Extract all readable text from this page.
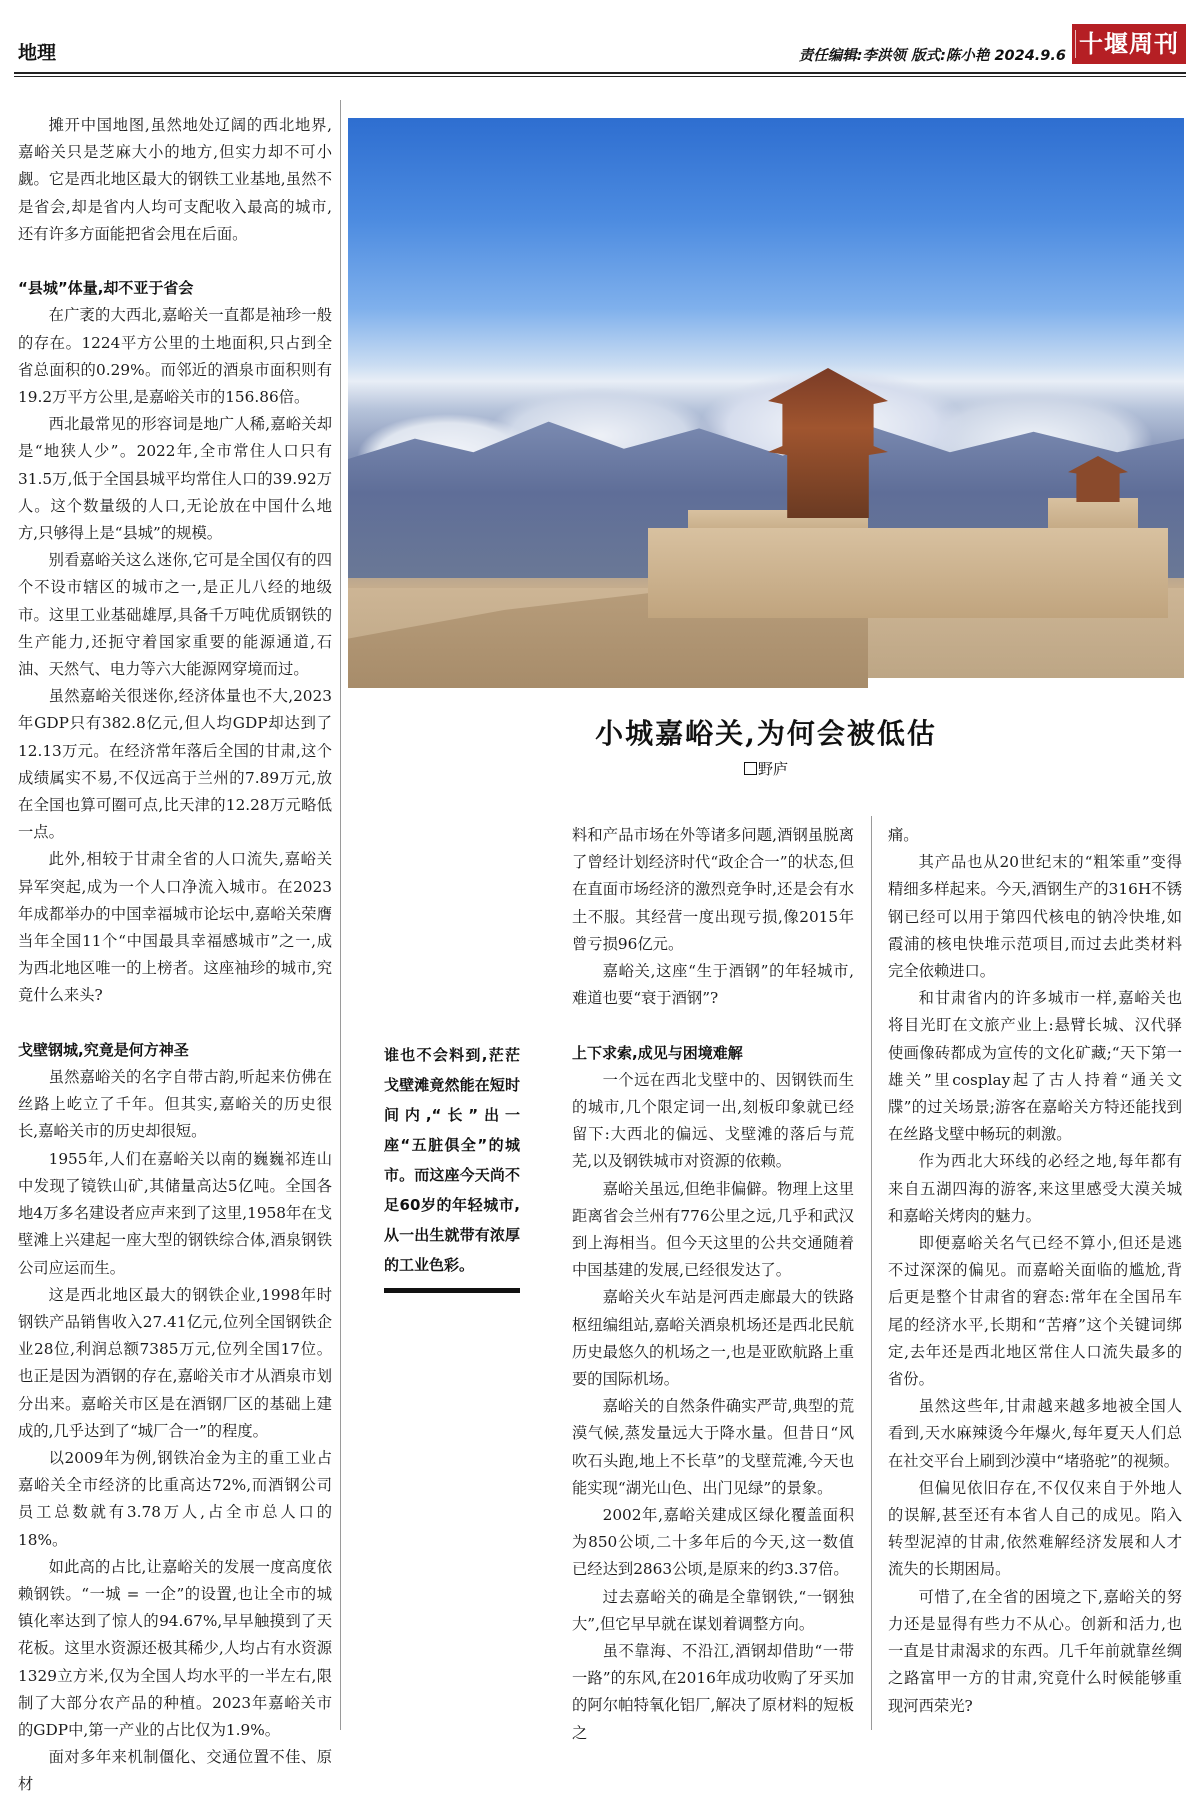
地理	责任编辑:李洪领 版式:陈小艳 2024.9.6 十堰周刊
小城嘉峪关,为何会被低估
野庐
谁也不会料到,茫茫戈壁滩竟然能在短时间内,“长”出一座“五脏俱全”的城市。而这座今天尚不足60岁的年轻城市,从一出生就带有浓厚的工业色彩。

摊开中国地图,虽然地处辽阔的西北地界,嘉峪关只是芝麻大小的地方,但实力却不可小觑。它是西北地区最大的钢铁工业基地,虽然不是省会,却是省内人均可支配收入最高的城市,还有许多方面能把省会甩在后面。

“县城”体量,却不亚于省会

在广袤的大西北,嘉峪关一直都是袖珍一般的存在。1224平方公里的土地面积,只占到全省总面积的0.29%。而邻近的酒泉市面积则有19.2万平方公里,是嘉峪关市的156.86倍。

西北最常见的形容词是地广人稀,嘉峪关却是“地狭人少”。2022年,全市常住人口只有31.5万,低于全国县城平均常住人口的39.92万人。这个数量级的人口,无论放在中国什么地方,只够得上是“县城”的规模。

别看嘉峪关这么迷你,它可是全国仅有的四个不设市辖区的城市之一,是正儿八经的地级市。这里工业基础雄厚,具备千万吨优质钢铁的生产能力,还扼守着国家重要的能源通道,石油、天然气、电力等六大能源网穿境而过。

虽然嘉峪关很迷你,经济体量也不大,2023年GDP只有382.8亿元,但人均GDP却达到了12.13万元。在经济常年落后全国的甘肃,这个成绩属实不易,不仅远高于兰州的7.89万元,放在全国也算可圈可点,比天津的12.28万元略低一点。

此外,相较于甘肃全省的人口流失,嘉峪关异军突起,成为一个人口净流入城市。在2023年成都举办的中国幸福城市论坛中,嘉峪关荣膺当年全国11个“中国最具幸福感城市”之一,成为西北地区唯一的上榜者。这座袖珍的城市,究竟什么来头?

戈壁钢城,究竟是何方神圣

虽然嘉峪关的名字自带古韵,听起来仿佛在丝路上屹立了千年。但其实,嘉峪关的历史很长,嘉峪关市的历史却很短。

1955年,人们在嘉峪关以南的巍巍祁连山中发现了镜铁山矿,其储量高达5亿吨。全国各地4万多名建设者应声来到了这里,1958年在戈壁滩上兴建起一座大型的钢铁综合体,酒泉钢铁公司应运而生。

这是西北地区最大的钢铁企业,1998年时钢铁产品销售收入27.41亿元,位列全国钢铁企业28位,利润总额7385万元,位列全国17位。也正是因为酒钢的存在,嘉峪关市才从酒泉市划分出来。嘉峪关市区是在酒钢厂区的基础上建成的,几乎达到了“城厂合一”的程度。

以2009年为例,钢铁冶金为主的重工业占嘉峪关全市经济的比重高达72%,而酒钢公司员工总数就有3.78万人,占全市总人口的18%。

如此高的占比,让嘉峪关的发展一度高度依赖钢铁。“一城 = 一企”的设置,也让全市的城镇化率达到了惊人的94.67%,早早触摸到了天花板。这里水资源还极其稀少,人均占有水资源1329立方米,仅为全国人均水平的一半左右,限制了大部分农产品的种植。2023年嘉峪关市的GDP中,第一产业的占比仅为1.9%。

面对多年来机制僵化、交通位置不佳、原材

料和产品市场在外等诸多问题,酒钢虽脱离了曾经计划经济时代“政企合一”的状态,但在直面市场经济的激烈竞争时,还是会有水土不服。其经营一度出现亏损,像2015年曾亏损96亿元。

嘉峪关,这座“生于酒钢”的年轻城市,难道也要“衰于酒钢”?

上下求索,成见与困境难解

一个远在西北戈壁中的、因钢铁而生的城市,几个限定词一出,刻板印象就已经留下:大西北的偏远、戈壁滩的落后与荒芜,以及钢铁城市对资源的依赖。

嘉峪关虽远,但绝非偏僻。物理上这里距离省会兰州有776公里之远,几乎和武汉到上海相当。但今天这里的公共交通随着中国基建的发展,已经很发达了。

嘉峪关火车站是河西走廊最大的铁路枢纽编组站,嘉峪关酒泉机场还是西北民航历史最悠久的机场之一,也是亚欧航路上重要的国际机场。

嘉峪关的自然条件确实严苛,典型的荒漠气候,蒸发量远大于降水量。但昔日“风吹石头跑,地上不长草”的戈壁荒滩,今天也能实现“湖光山色、出门见绿”的景象。

2002年,嘉峪关建成区绿化覆盖面积为850公顷,二十多年后的今天,这一数值已经达到2863公顷,是原来的约3.37倍。

过去嘉峪关的确是全靠钢铁,“一钢独大”,但它早早就在谋划着调整方向。

虽不靠海、不沿江,酒钢却借助“一带一路”的东风,在2016年成功收购了牙买加的阿尔帕特氧化铝厂,解决了原材料的短板之

痛。

其产品也从20世纪末的“粗笨重”变得精细多样起来。今天,酒钢生产的316H不锈钢已经可以用于第四代核电的钠冷快堆,如霞浦的核电快堆示范项目,而过去此类材料完全依赖进口。

和甘肃省内的许多城市一样,嘉峪关也将目光盯在文旅产业上:悬臂长城、汉代驿使画像砖都成为宣传的文化矿藏;“天下第一雄关”里cosplay起了古人持着“通关文牒”的过关场景;游客在嘉峪关方特还能找到在丝路戈壁中畅玩的刺激。

作为西北大环线的必经之地,每年都有来自五湖四海的游客,来这里感受大漠关城和嘉峪关烤肉的魅力。

即便嘉峪关名气已经不算小,但还是逃不过深深的偏见。而嘉峪关面临的尴尬,背后更是整个甘肃省的窘态:常年在全国吊车尾的经济水平,长期和“苦瘠”这个关键词绑定,去年还是西北地区常住人口流失最多的省份。

虽然这些年,甘肃越来越多地被全国人看到,天水麻辣烫今年爆火,每年夏天人们总在社交平台上刷到沙漠中“堵骆驼”的视频。

但偏见依旧存在,不仅仅来自于外地人的误解,甚至还有本省人自己的成见。陷入转型泥淖的甘肃,依然难解经济发展和人才流失的长期困局。

可惜了,在全省的困境之下,嘉峪关的努力还是显得有些力不从心。创新和活力,也一直是甘肃渴求的东西。几千年前就靠丝绸之路富甲一方的甘肃,究竟什么时候能够重现河西荣光?
